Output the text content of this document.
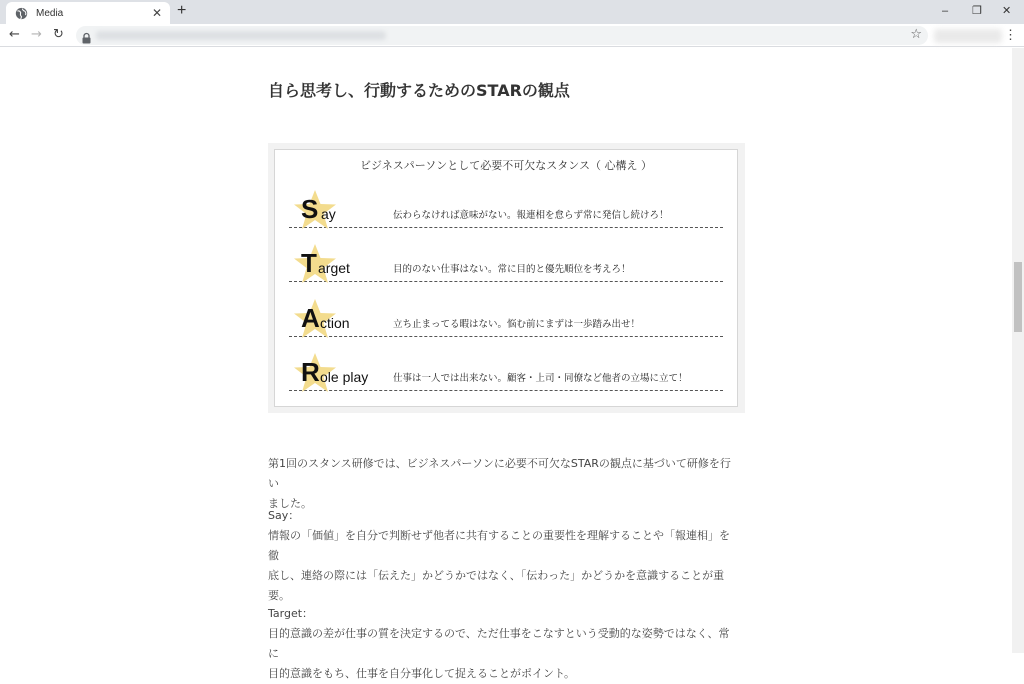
Media	✕ +	– ❐ ✕
← → ↻	☆	⋮
自ら思考し、行動するためのSTARの観点
ビジネスパーソンとして必要不可欠なスタンス（ 心構え ）
S ay	伝わらなければ意味がない。報連相を怠らず常に発信し続けろ！
T arget	目的のない仕事はない。常に目的と優先順位を考えろ！
A ction	立ち止まってる暇はない。悩む前にまずは一歩踏み出せ！
R ole play	仕事は一人では出来ない。顧客・上司・同僚など他者の立場に立て！
第1回のスタンス研修では、ビジネスパーソンに必要不可欠なSTARの観点に基づいて研修を行い
ました。
Say：
情報の「価値」を自分で判断せず他者に共有することの重要性を理解することや「報連相」を徹
底し、連絡の際には「伝えた」かどうかではなく、「伝わった」かどうかを意識することが重
要。
Target：
目的意識の差が仕事の質を決定するので、ただ仕事をこなすという受動的な姿勢ではなく、常に
目的意識をもち、仕事を自分事化して捉えることがポイント。
